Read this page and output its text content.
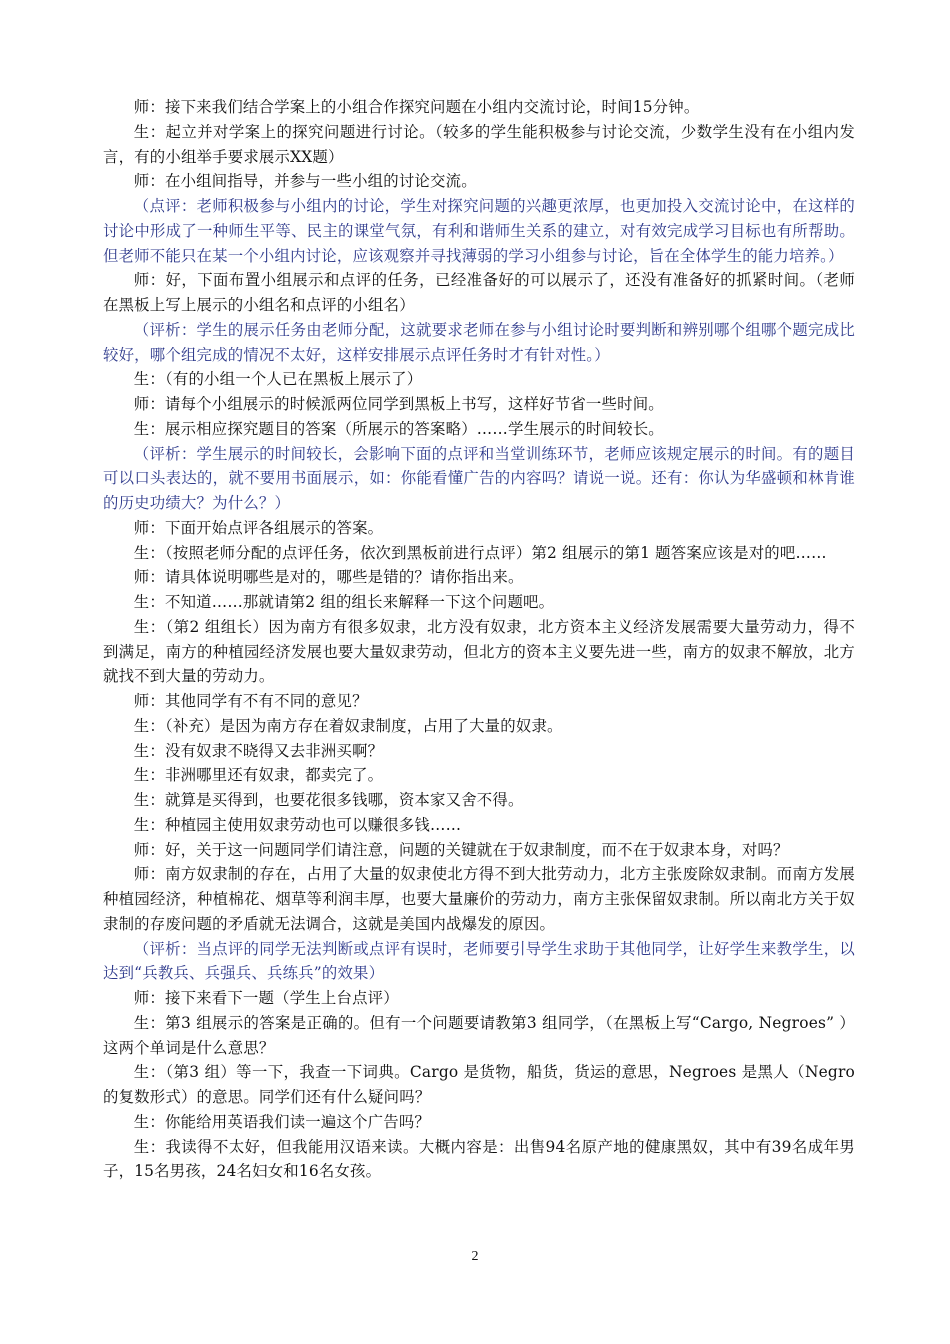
师：接下来我们结合学案上的小组合作探究问题在小组内交流讨论，时间15分钟。

生：起立并对学案上的探究问题进行讨论。（较多的学生能积极参与讨论交流，少数学生没有在小组内发言，有的小组举手要求展示XX题）

师：在小组间指导，并参与一些小组的讨论交流。

（点评：老师积极参与小组内的讨论，学生对探究问题的兴趣更浓厚，也更加投入交流讨论中，在这样的讨论中形成了一种师生平等、民主的课堂气氛，有利和谐师生关系的建立，对有效完成学习目标也有所帮助。但老师不能只在某一个小组内讨论，应该观察并寻找薄弱的学习小组参与讨论，旨在全体学生的能力培养。）

师：好，下面布置小组展示和点评的任务，已经准备好的可以展示了，还没有准备好的抓紧时间。（老师在黑板上写上展示的小组名和点评的小组名）

（评析：学生的展示任务由老师分配，这就要求老师在参与小组讨论时要判断和辨别哪个组哪个题完成比较好，哪个组完成的情况不太好，这样安排展示点评任务时才有针对性。）

生：（有的小组一个人已在黑板上展示了）

师：请每个小组展示的时候派两位同学到黑板上书写，这样好节省一些时间。

生：展示相应探究题目的答案（所展示的答案略）……学生展示的时间较长。

（评析：学生展示的时间较长，会影响下面的点评和当堂训练环节，老师应该规定展示的时间。有的题目可以口头表达的，就不要用书面展示，如：你能看懂广告的内容吗？请说一说。还有：你认为华盛顿和林肯谁的历史功绩大？为什么？）

师：下面开始点评各组展示的答案。

生：（按照老师分配的点评任务，依次到黑板前进行点评）第2 组展示的第1 题答案应该是对的吧……

师：请具体说明哪些是对的，哪些是错的？请你指出来。

生：不知道……那就请第2 组的组长来解释一下这个问题吧。

生：（第2 组组长）因为南方有很多奴隶，北方没有奴隶，北方资本主义经济发展需要大量劳动力，得不到满足，南方的种植园经济发展也要大量奴隶劳动，但北方的资本主义要先进一些，南方的奴隶不解放，北方就找不到大量的劳动力。

师：其他同学有不有不同的意见？

生：（补充）是因为南方存在着奴隶制度，占用了大量的奴隶。

生：没有奴隶不晓得又去非洲买啊？

生：非洲哪里还有奴隶，都卖完了。

生：就算是买得到，也要花很多钱哪，资本家又舍不得。

生：种植园主使用奴隶劳动也可以赚很多钱……

师：好，关于这一问题同学们请注意，问题的关键就在于奴隶制度，而不在于奴隶本身，对吗？

师：南方奴隶制的存在，占用了大量的奴隶使北方得不到大批劳动力，北方主张废除奴隶制。而南方发展种植园经济，种植棉花、烟草等利润丰厚，也要大量廉价的劳动力，南方主张保留奴隶制。所以南北方关于奴隶制的存废问题的矛盾就无法调合，这就是美国内战爆发的原因。

（评析：当点评的同学无法判断或点评有误时，老师要引导学生求助于其他同学，让好学生来教学生，以达到“兵教兵、兵强兵、兵练兵”的效果）

师：接下来看下一题（学生上台点评）

生：第3 组展示的答案是正确的。但有一个问题要请教第3 组同学，（在黑板上写“Cargo, Negroes” ）这两个单词是什么意思？

生：（第3 组）等一下，我查一下词典。Cargo 是货物，船货，货运的意思，Negroes 是黑人（Negro 的复数形式）的意思。同学们还有什么疑问吗？

生：你能给用英语我们读一遍这个广告吗？

生：我读得不太好，但我能用汉语来读。大概内容是：出售94名原产地的健康黑奴，其中有39名成年男子，15名男孩，24名妇女和16名女孩。

2
